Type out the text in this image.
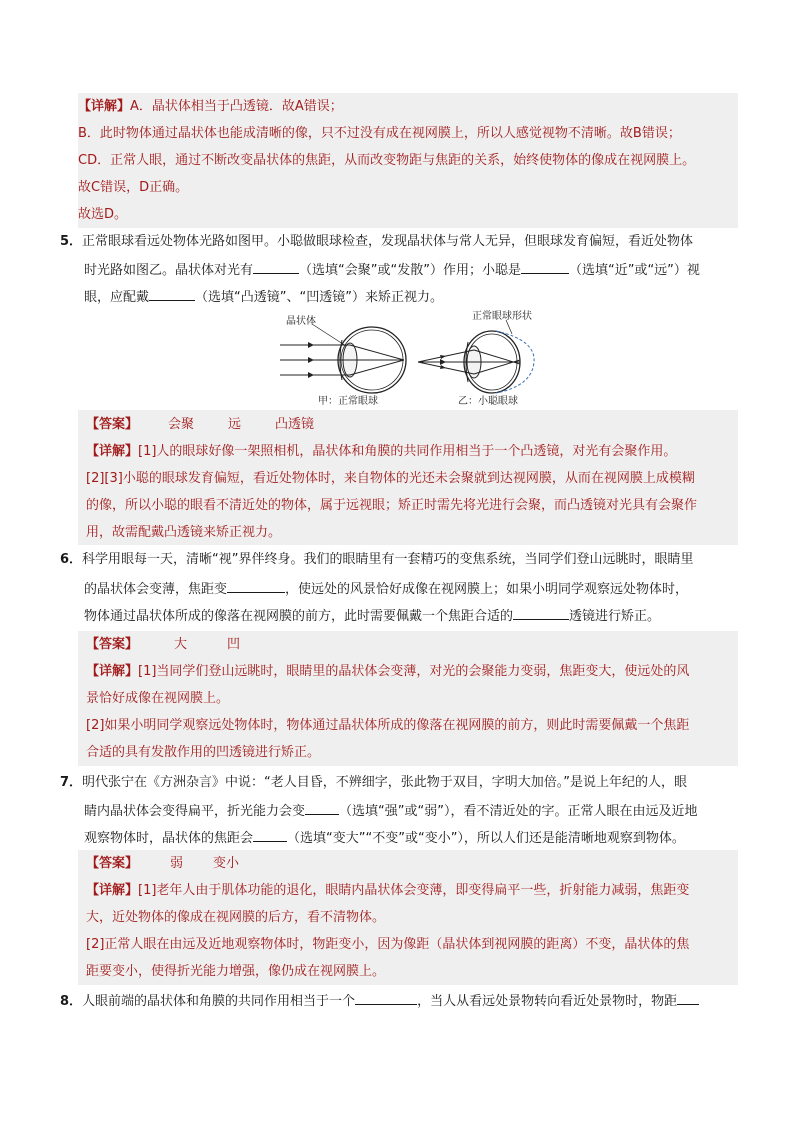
【详解】A．晶状体相当于凸透镜．故A错误；
B．此时物体通过晶状体也能成清晰的像，只不过没有成在视网膜上，所以人感觉视物不清晰。故B错误；
CD．正常人眼，通过不断改变晶状体的焦距，从而改变物距与焦距的关系，始终使物体的像成在视网膜上。
故C错误，D正确。
故选D。
5．正常眼球看远处物体光路如图甲。小聪做眼球检查，发现晶状体与常人无异，但眼球发育偏短，看近处物体
时光路如图乙。晶状体对光有	（选填“会聚”或“发散”）作用；小聪是	（选填“近”或“远”）视
眼，应配戴	（选填“凸透镜”、“凹透镜”）来矫正视力。
晶状体
甲：正常眼球
正常眼球形状
乙：小聪眼球
【答案】 会聚	远	凸透镜
【详解】[1]人的眼球好像一架照相机，晶状体和角膜的共同作用相当于一个凸透镜，对光有会聚作用。
[2][3]小聪的眼球发育偏短，看近处物体时，来自物体的光还未会聚就到达视网膜，从而在视网膜上成模糊
的像，所以小聪的眼看不清近处的物体，属于远视眼；矫正时需先将光进行会聚，而凸透镜对光具有会聚作
用，故需配戴凸透镜来矫正视力。
6．科学用眼每一天，清晰“视”界伴终身。我们的眼睛里有一套精巧的变焦系统，当同学们登山远眺时，眼睛里
的晶状体会变薄，焦距变	，使远处的风景恰好成像在视网膜上；如果小明同学观察远处物体时，
物体通过晶状体所成的像落在视网膜的前方，此时需要佩戴一个焦距合适的	透镜进行矫正。
【答案】	大	凹
【详解】[1]当同学们登山远眺时，眼睛里的晶状体会变薄，对光的会聚能力变弱，焦距变大，使远处的风
景恰好成像在视网膜上。
[2]如果小明同学观察远处物体时，物体通过晶状体所成的像落在视网膜的前方，则此时需要佩戴一个焦距
合适的具有发散作用的凹透镜进行矫正。
7．明代张宁在《方洲杂言》中说：“老人目昏，不辨细字，张此物于双目，字明大加倍。”是说上年纪的人，眼
睛内晶状体会变得扁平，折光能力会变	（选填“强”或“弱”），看不清近处的字。正常人眼在由远及近地
观察物体时，晶状体的焦距会	（选填“变大”“不变”或“变小”），所以人们还是能清晰地观察到物体。
【答案】 弱 变小
【详解】[1]老年人由于肌体功能的退化，眼睛内晶状体会变薄，即变得扁平一些，折射能力减弱，焦距变
大，近处物体的像成在视网膜的后方，看不清物体。
[2]正常人眼在由远及近地观察物体时，物距变小，因为像距（晶状体到视网膜的距离）不变，晶状体的焦
距要变小，使得折光能力增强，像仍成在视网膜上。
8．人眼前端的晶状体和角膜的共同作用相当于一个	，当人从看远处景物转向看近处景物时，物距
